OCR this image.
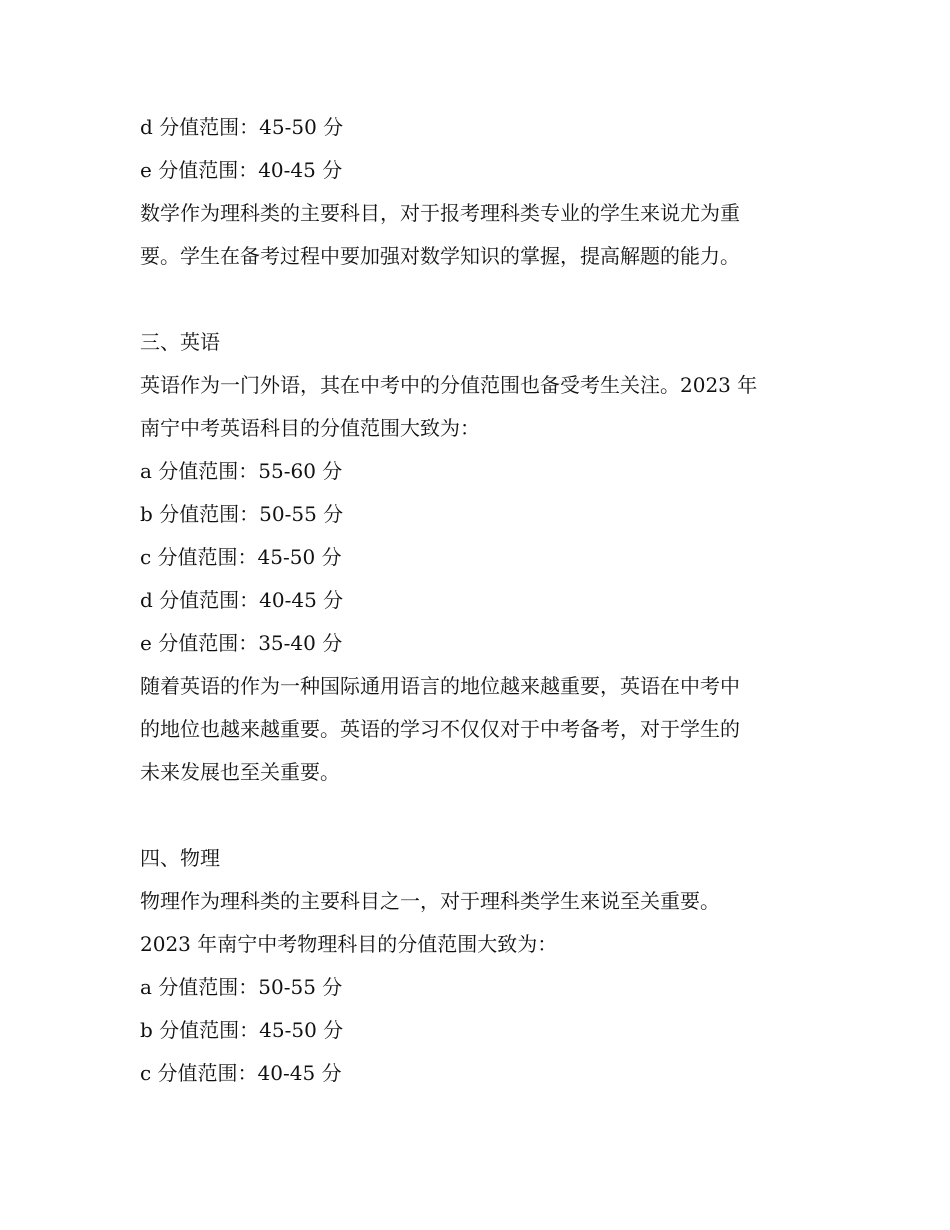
d 分值范围：45-50 分

e 分值范围：40-45 分

数学作为理科类的主要科目，对于报考理科类专业的学生来说尤为重

要。学生在备考过程中要加强对数学知识的掌握，提高解题的能力。

三、英语

英语作为一门外语，其在中考中的分值范围也备受考生关注。2023 年

南宁中考英语科目的分值范围大致为：

a 分值范围：55-60 分

b 分值范围：50-55 分

c 分值范围：45-50 分

d 分值范围：40-45 分

e 分值范围：35-40 分

随着英语的作为一种国际通用语言的地位越来越重要，英语在中考中

的地位也越来越重要。英语的学习不仅仅对于中考备考，对于学生的

未来发展也至关重要。

四、物理

物理作为理科类的主要科目之一，对于理科类学生来说至关重要。

2023 年南宁中考物理科目的分值范围大致为：

a 分值范围：50-55 分

b 分值范围：45-50 分

c 分值范围：40-45 分
